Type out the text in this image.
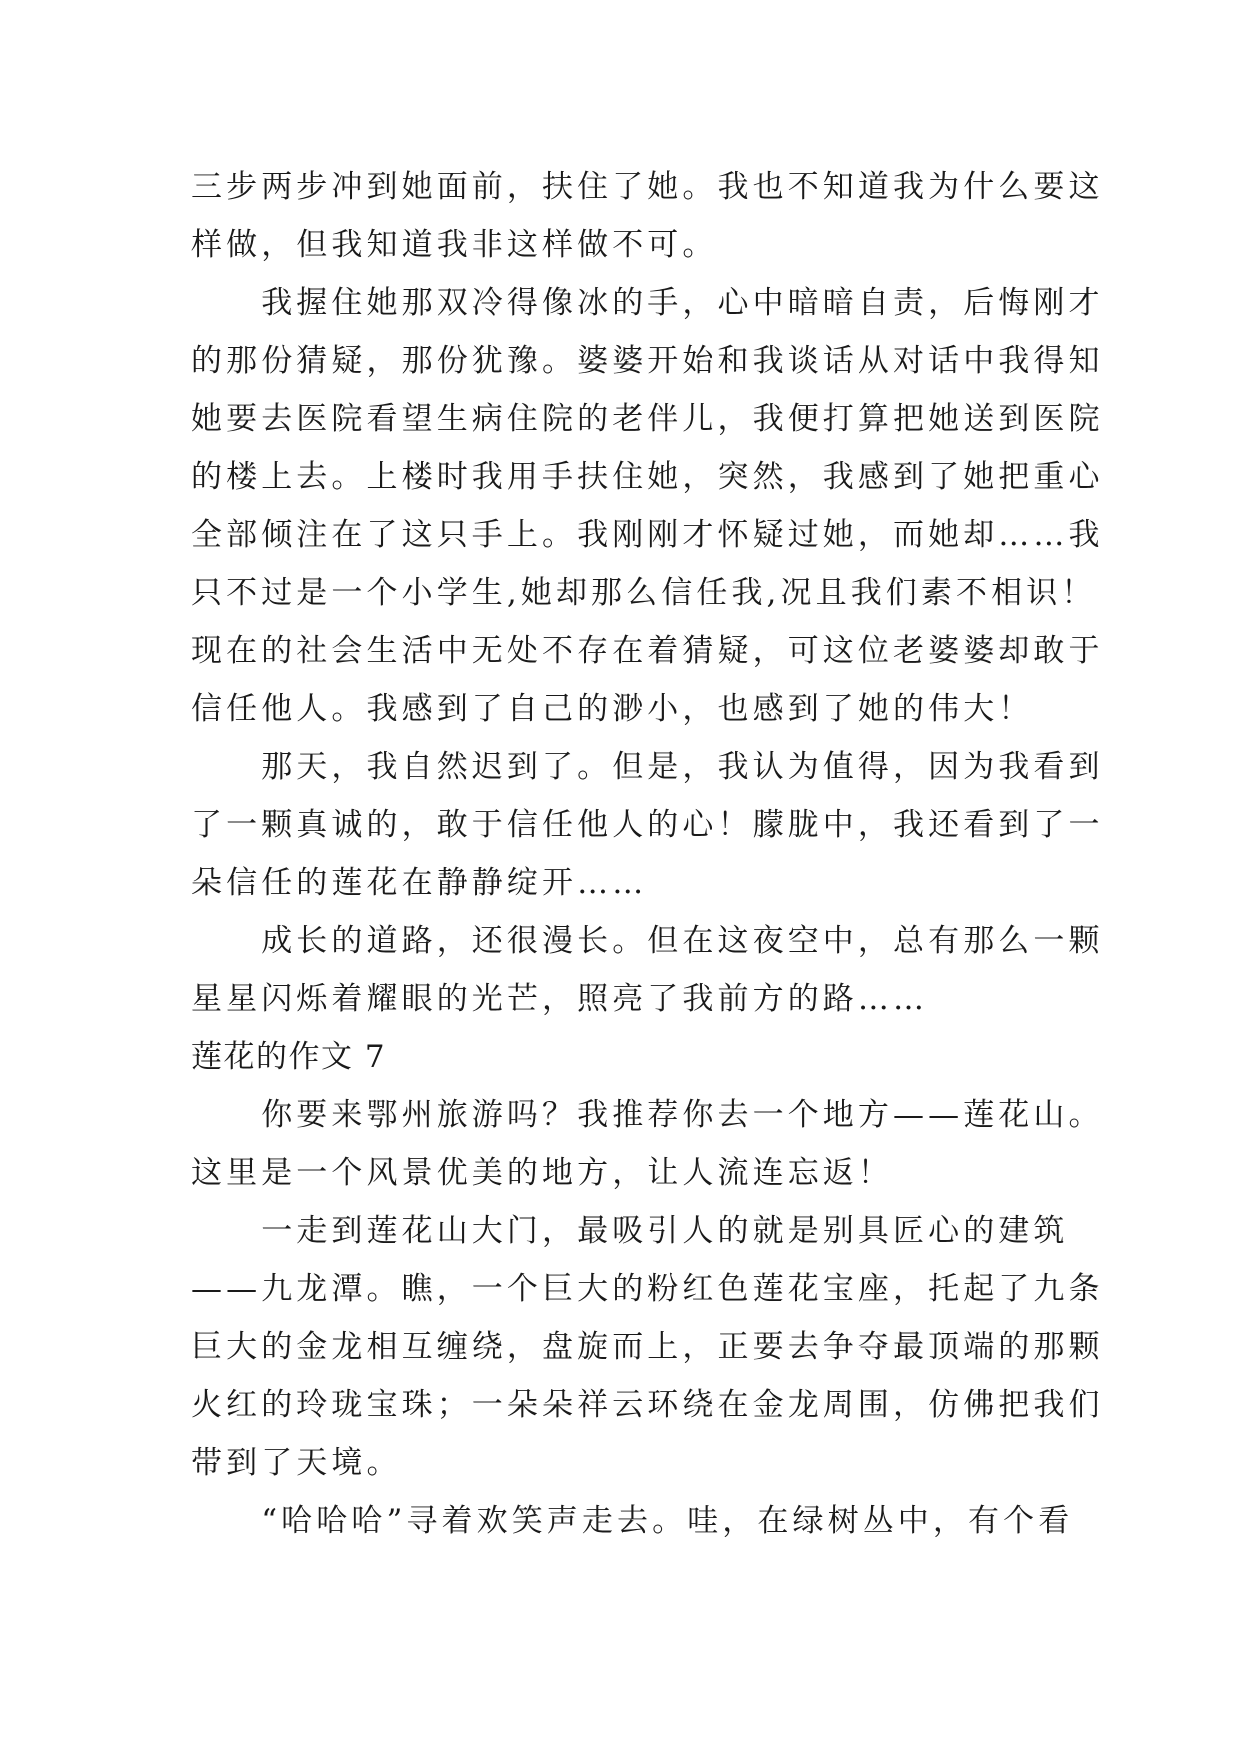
三步两步冲到她面前，扶住了她。我也不知道我为什么要这
样做，但我知道我非这样做不可。
　　我握住她那双冷得像冰的手，心中暗暗自责，后悔刚才
的那份猜疑，那份犹豫。婆婆开始和我谈话从对话中我得知
她要去医院看望生病住院的老伴儿，我便打算把她送到医院
的楼上去。上楼时我用手扶住她，突然，我感到了她把重心
全部倾注在了这只手上。我刚刚才怀疑过她，而她却……我
只不过是一个小学生,她却那么信任我,况且我们素不相识！
现在的社会生活中无处不存在着猜疑，可这位老婆婆却敢于
信任他人。我感到了自己的渺小，也感到了她的伟大！
　　那天，我自然迟到了。但是，我认为值得，因为我看到
了一颗真诚的，敢于信任他人的心！朦胧中，我还看到了一
朵信任的莲花在静静绽开……
　　成长的道路，还很漫长。但在这夜空中，总有那么一颗
星星闪烁着耀眼的光芒，照亮了我前方的路……
莲花的作文 7
　　你要来鄂州旅游吗？我推荐你去一个地方——莲花山。
这里是一个风景优美的地方，让人流连忘返！
　　一走到莲花山大门，最吸引人的就是别具匠心的建筑
——九龙潭。瞧，一个巨大的粉红色莲花宝座，托起了九条
巨大的金龙相互缠绕，盘旋而上，正要去争夺最顶端的那颗
火红的玲珑宝珠；一朵朵祥云环绕在金龙周围，仿佛把我们
带到了天境。
　　“哈哈哈”寻着欢笑声走去。哇，在绿树丛中，有个看
